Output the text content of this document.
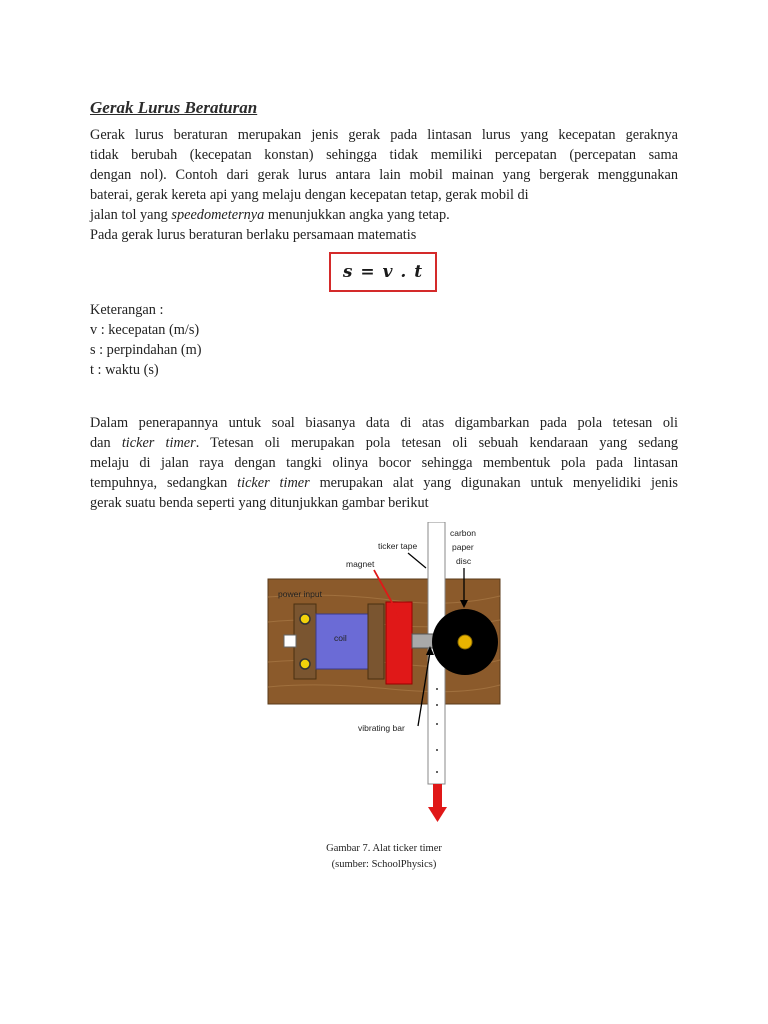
Gerak Lurus Beraturan
Gerak lurus beraturan merupakan jenis gerak pada lintasan lurus yang kecepatan geraknya
tidak berubah (kecepatan konstan) sehingga tidak memiliki percepatan (percepatan sama
dengan nol). Contoh dari gerak lurus antara lain mobil mainan yang bergerak menggunakan
baterai, gerak kereta api yang melaju dengan kecepatan tetap, gerak mobil di
jalan tol yang speedometernya menunjukkan angka yang tetap.
Pada gerak lurus beraturan berlaku persamaan matematis
s = v . t
Keterangan :
v : kecepatan (m/s)
s : perpindahan (m)
t : waktu (s)
Dalam penerapannya untuk soal biasanya data di atas digambarkan pada pola tetesan oli
dan ticker timer. Tetesan oli merupakan pola tetesan oli sebuah kendaraan yang sedang
melaju di jalan raya dengan tangki olinya bocor sehingga membentuk pola pada lintasan
tempuhnya, sedangkan ticker timer merupakan alat yang digunakan untuk menyelidiki jenis
gerak suatu benda seperti yang ditunjukkan gambar berikut
power input
coil
ticker tape
carbon
paper
disc
magnet
vibrating bar
Gambar 7. Alat ticker timer
(sumber: SchoolPhysics)
